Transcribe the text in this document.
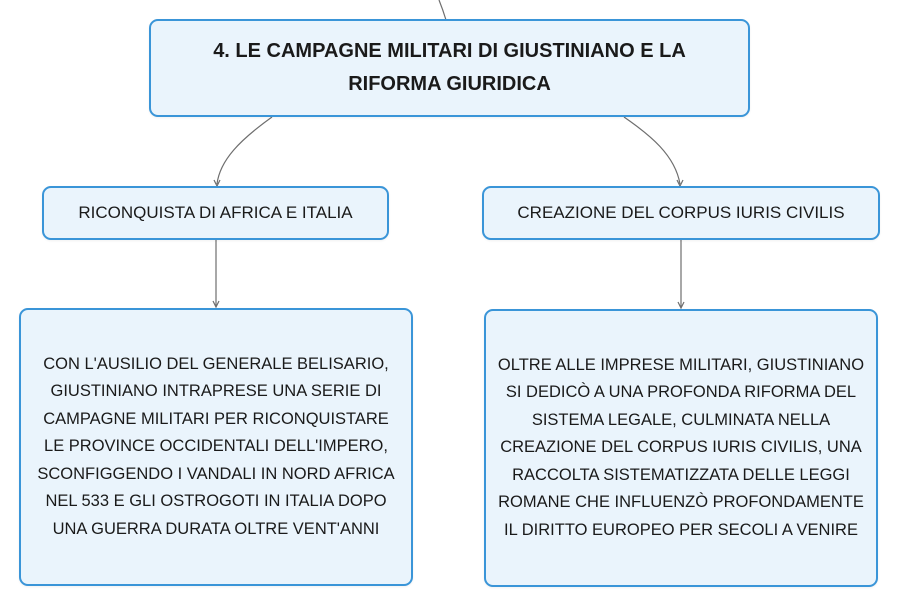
4. LE CAMPAGNE MILITARI DI GIUSTINIANO E LA RIFORMA GIURIDICA
RICONQUISTA DI AFRICA E ITALIA	CREAZIONE DEL CORPUS IURIS CIVILIS
CON L'AUSILIO DEL GENERALE BELISARIO, GIUSTINIANO INTRAPRESE UNA SERIE DI CAMPAGNE MILITARI PER RICONQUISTARE LE PROVINCE OCCIDENTALI DELL'IMPERO, SCONFIGGENDO I VANDALI IN NORD AFRICA NEL 533 E GLI OSTROGOTI IN ITALIA DOPO UNA GUERRA DURATA OLTRE VENT'ANNI
OLTRE ALLE IMPRESE MILITARI, GIUSTINIANO SI DEDICÒ A UNA PROFONDA RIFORMA DEL SISTEMA LEGALE, CULMINATA NELLA CREAZIONE DEL CORPUS IURIS CIVILIS, UNA RACCOLTA SISTEMATIZZATA DELLE LEGGI ROMANE CHE INFLUENZÒ PROFONDAMENTE IL DIRITTO EUROPEO PER SECOLI A VENIRE
